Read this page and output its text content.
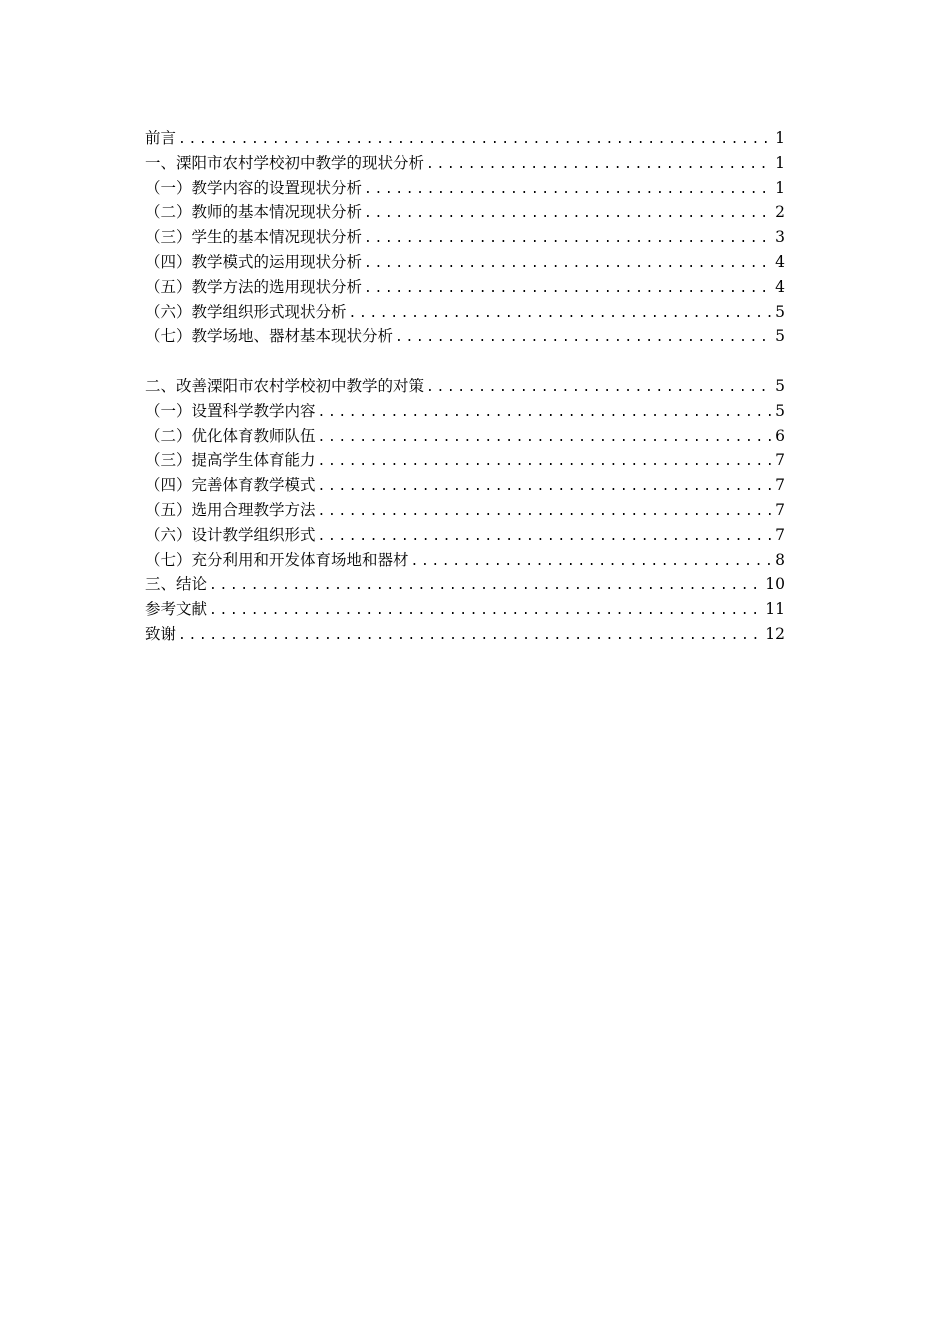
前言 .....	1
一、溧阳市农村学校初中教学的现状分析 .....	1
（一）教学内容的设置现状分析 .....	1
（二）教师的基本情况现状分析 .....	2
（三）学生的基本情况现状分析 .....	3
（四）教学模式的运用现状分析 .....	4
（五）教学方法的选用现状分析 .....	4
（六）教学组织形式现状分析 .....	5
（七）教学场地、器材基本现状分析 .....	5
二、改善溧阳市农村学校初中教学的对策 .....	5
（一）设置科学教学内容 .....	5
（二）优化体育教师队伍 .....	6
（三）提高学生体育能力 .....	7
（四）完善体育教学模式 .....	7
（五）选用合理教学方法 .....	7
（六）设计教学组织形式 .....	7
（七）充分利用和开发体育场地和器材 .....	8
三、结论 .....	10
参考文献 .....	11
致谢 .....	12
